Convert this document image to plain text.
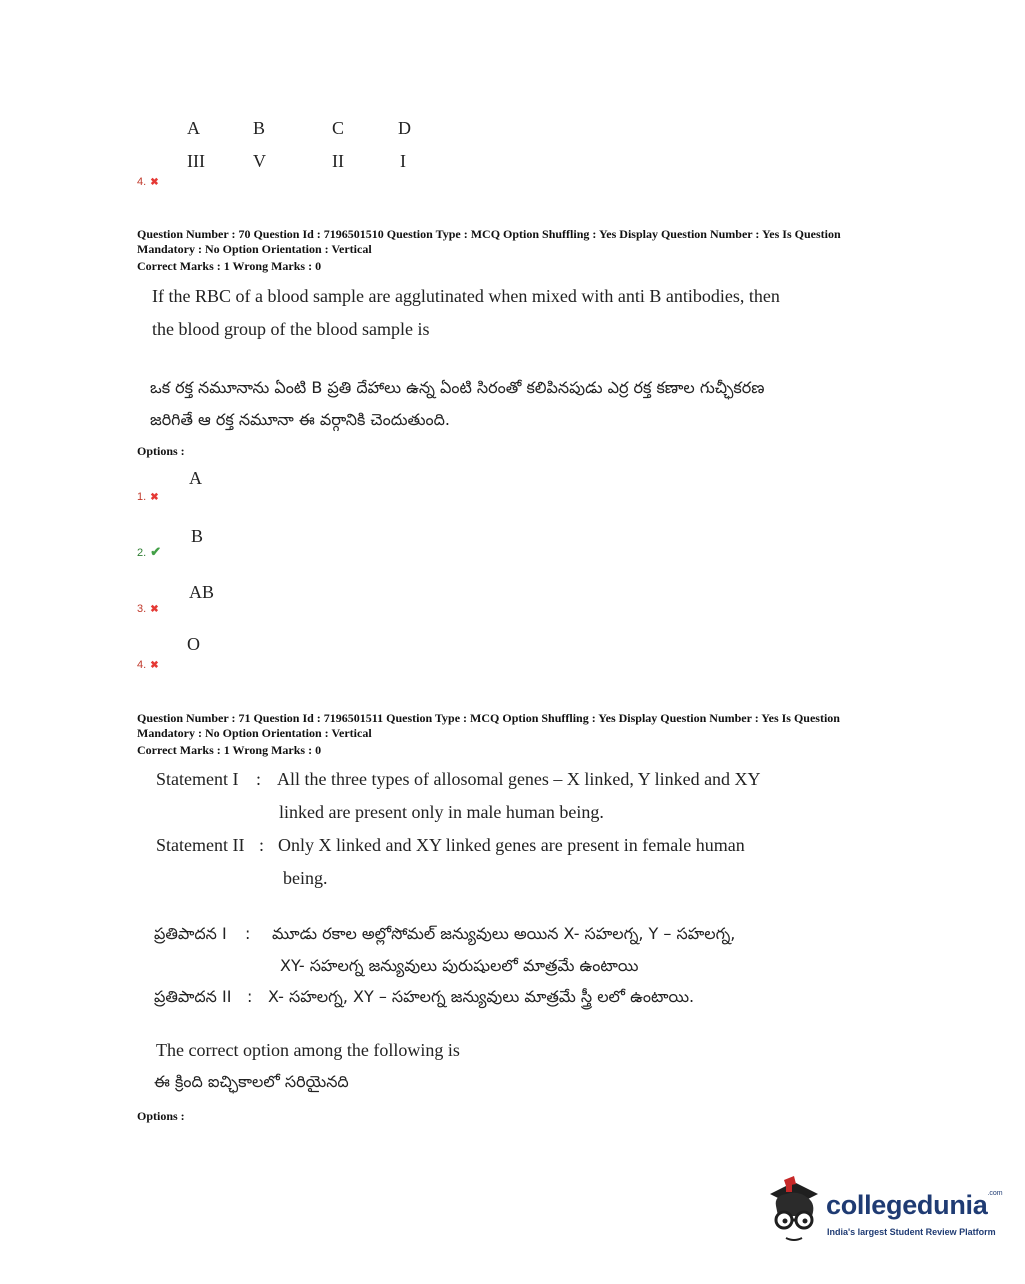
A	B	C	D
III	V	II	I
4. ✖
Question Number : 70 Question Id : 7196501510 Question Type : MCQ Option Shuffling : Yes Display Question Number : Yes Is Question
Mandatory : No Option Orientation : Vertical
Correct Marks : 1 Wrong Marks : 0
If the RBC of a blood sample are agglutinated when mixed with anti B antibodies, then
the blood group of the blood sample is
ఒక రక్త నమూనాను ఏంటి B ప్రతి దేహాలు ఉన్న ఏంటి సిరంతో కలిపినపుడు ఎర్ర రక్త కణాల గుచ్ఛీకరణ
జరిగితే ఆ రక్త నమూనా ఈ వర్గానికి చెందుతుంది.
Options :
A
1. ✖
B
2. ✔
AB
3. ✖
O
4. ✖
Question Number : 71 Question Id : 7196501511 Question Type : MCQ Option Shuffling : Yes Display Question Number : Yes Is Question
Mandatory : No Option Orientation : Vertical
Correct Marks : 1 Wrong Marks : 0
Statement I : All the three types of allosomal genes – X linked, Y linked and XY
linked are present only in male human being.
Statement II : Only X linked and XY linked genes are present in female human
being.
ప్రతిపాదన I : మూడు రకాల అల్లోసోమల్ జన్యువులు అయిన X- సహలగ్న, Y – సహలగ్న,
XY- సహలగ్న జన్యువులు పురుషులలో మాత్రమే ఉంటాయి
ప్రతిపాదన II : X- సహలగ్న, XY – సహలగ్న జన్యువులు మాత్రమే స్త్రీ లలో ఉంటాయి.
The correct option among the following is
ఈ క్రింది ఐచ్ఛికాలలో సరియైనది
Options :
collegedunia$^{.com}$
India's largest Student Review Platform
